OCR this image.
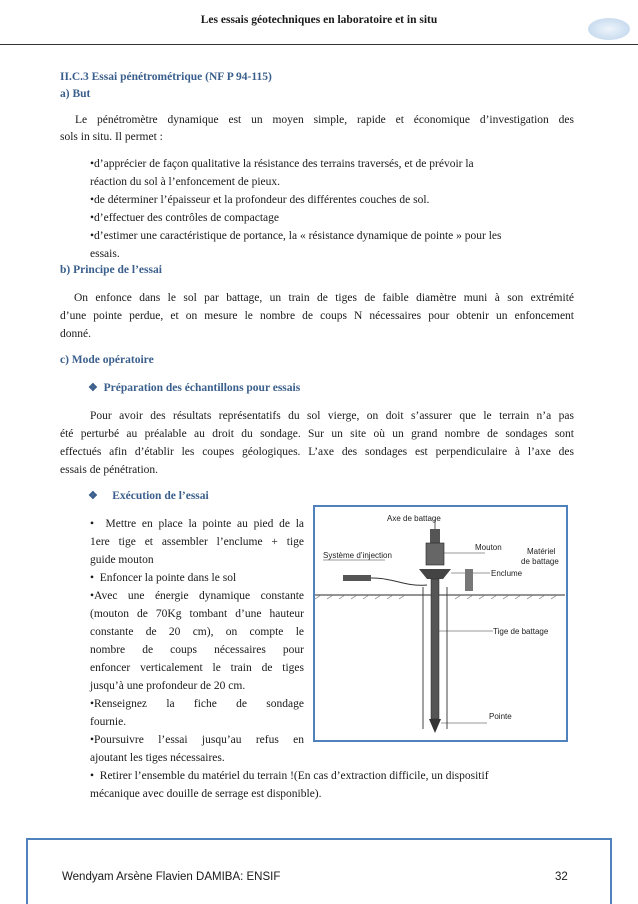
Les essais géotechniques en laboratoire et in situ
II.C.3 Essai pénétrométrique (NF P 94-115)
a) But
Le pénétromètre dynamique est un moyen simple, rapide et économique d’investigation des
sols in situ. Il permet :
•d’apprécier de façon qualitative la résistance des terrains traversés, et de prévoir la
réaction du sol à l’enfoncement de pieux.
•de déterminer l’épaisseur et la profondeur des différentes couches de sol.
•d’effectuer des contrôles de compactage
•d’estimer une caractéristique de portance, la « résistance dynamique de pointe » pour les
essais.
b) Principe de l’essai
On enfonce dans le sol par battage, un train de tiges de faible diamètre muni à son extrémité
d’une pointe perdue, et on mesure le nombre de coups N nécessaires pour obtenir un enfoncement
donné.
c) Mode opératoire
❖ Préparation des échantillons pour essais
Pour avoir des résultats représentatifs du sol vierge, on doit s’assurer que le terrain n’a pas
été perturbé au préalable au droit du sondage. Sur un site où un grand nombre de sondages sont
effectués afin d’établir les coupes géologiques. L’axe des sondages est perpendiculaire à l’axe des
essais de pénétration.
❖ Exécution de l’essai
•  Mettre en place la pointe au pied de la
1ere tige et assembler l’enclume + tige
guide mouton
•  Enfoncer la pointe dans le sol
•Avec une énergie dynamique constante
(mouton de 70Kg tombant d’une hauteur
constante de 20 cm), on compte le
nombre de coups nécessaires pour
enfoncer verticalement le train de tiges
jusqu’à une profondeur de 20 cm.
•Renseignez la fiche de sondage
fournie.
•Poursuivre l’essai jusqu’au refus en
ajoutant les tiges nécessaires.
•  Retirer l’ensemble du matériel du terrain !(En cas d’extraction difficile, un dispositif
mécanique avec douille de serrage est disponible).
Axe de battage
Mouton	Matériel
de battage
Système d’injection
Enclume
Tige de battage
Pointe
Wendyam Arsène Flavien DAMIBA: ENSIF	32
